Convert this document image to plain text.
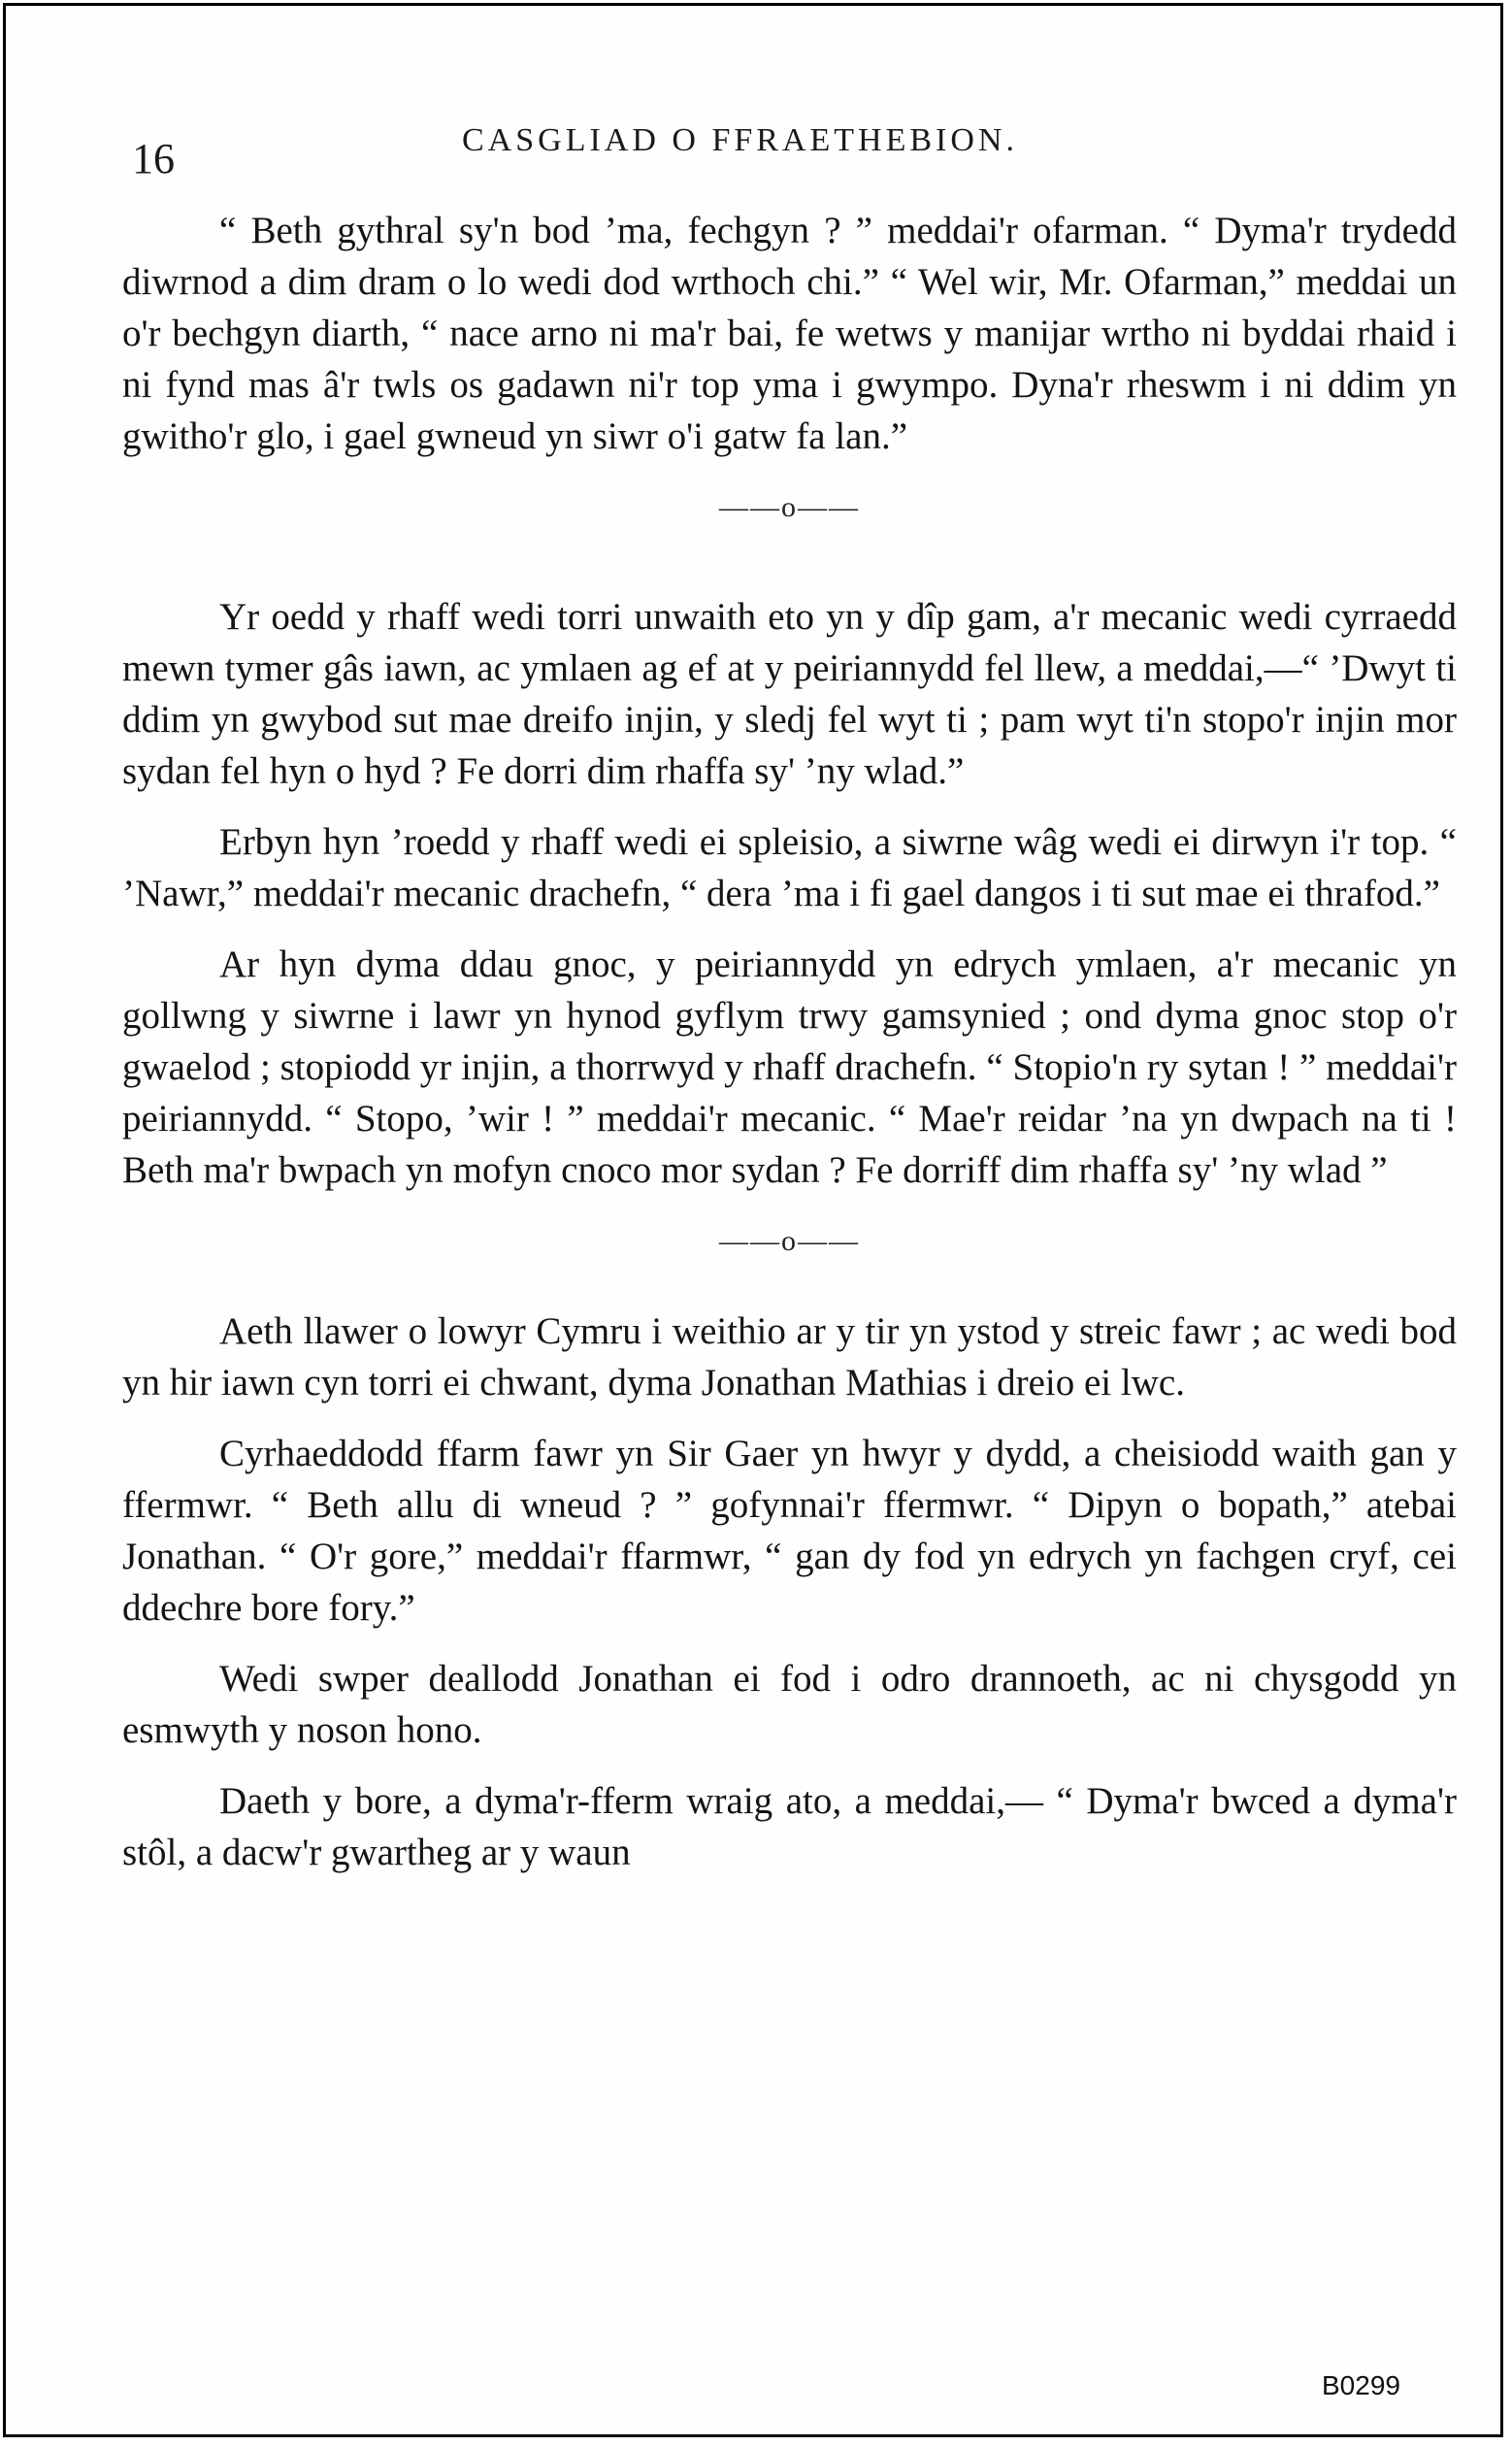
16	CASGLIAD O FFRAETHEBION.

“ Beth gythral sy'n bod ’ma, fechgyn ? ” meddai'r ofarman. “ Dyma'r trydedd diwrnod a dim dram o lo wedi dod wrthoch chi.” “ Wel wir, Mr. Ofarman,” meddai un o'r bechgyn diarth, “ nace arno ni ma'r bai, fe wetws y manijar wrtho ni byddai rhaid i ni fynd mas â'r twls os gadawn ni'r top yma i gwympo. Dyna'r rheswm i ni ddim yn gwitho'r glo, i gael gwneud yn siwr o'i gatw fa lan.”

——o——

Yr oedd y rhaff wedi torri unwaith eto yn y dîp gam, a'r mecanic wedi cyrraedd mewn tymer gâs iawn, ac ymlaen ag ef at y peiriannydd fel llew, a meddai,—“ ’Dwyt ti ddim yn gwybod sut mae dreifo injin, y sledj fel wyt ti ; pam wyt ti'n stopo'r injin mor sydan fel hyn o hyd ? Fe dorri dim rhaffa sy' ’ny wlad.”

Erbyn hyn ’roedd y rhaff wedi ei spleisio, a siwrne wâg wedi ei dirwyn i'r top. “ ’Nawr,” meddai'r mecanic drachefn, “ dera ’ma i fi gael dangos i ti sut mae ei thrafod.”

Ar hyn dyma ddau gnoc, y peiriannydd yn edrych ymlaen, a'r mecanic yn gollwng y siwrne i lawr yn hynod gyflym trwy gamsynied ; ond dyma gnoc stop o'r gwaelod ; stopiodd yr injin, a thorrwyd y rhaff drachefn. “ Stopio'n ry sytan ! ” meddai'r peiriannydd. “ Stopo, ’wir ! ” meddai'r mecanic. “ Mae'r reidar ’na yn dwpach na ti ! Beth ma'r bwpach yn mofyn cnoco mor sydan ? Fe dorriff dim rhaffa sy' ’ny wlad ”

——o——

Aeth llawer o lowyr Cymru i weithio ar y tir yn ystod y streic fawr ; ac wedi bod yn hir iawn cyn torri ei chwant, dyma Jonathan Mathias i dreio ei lwc.

Cyrhaeddodd ffarm fawr yn Sir Gaer yn hwyr y dydd, a cheisiodd waith gan y ffermwr. “ Beth allu di wneud ? ” gofynnai'r ffermwr. “ Dipyn o bopath,” atebai Jonathan. “ O'r gore,” meddai'r ffarmwr, “ gan dy fod yn edrych yn fachgen cryf, cei ddechre bore fory.”

Wedi swper deallodd Jonathan ei fod i odro drannoeth, ac ni chysgodd yn esmwyth y noson hono.

Daeth y bore, a dyma'r-fferm wraig ato, a meddai,— “ Dyma'r bwced a dyma'r stôl, a dacw'r gwartheg ar y waun

B0299
